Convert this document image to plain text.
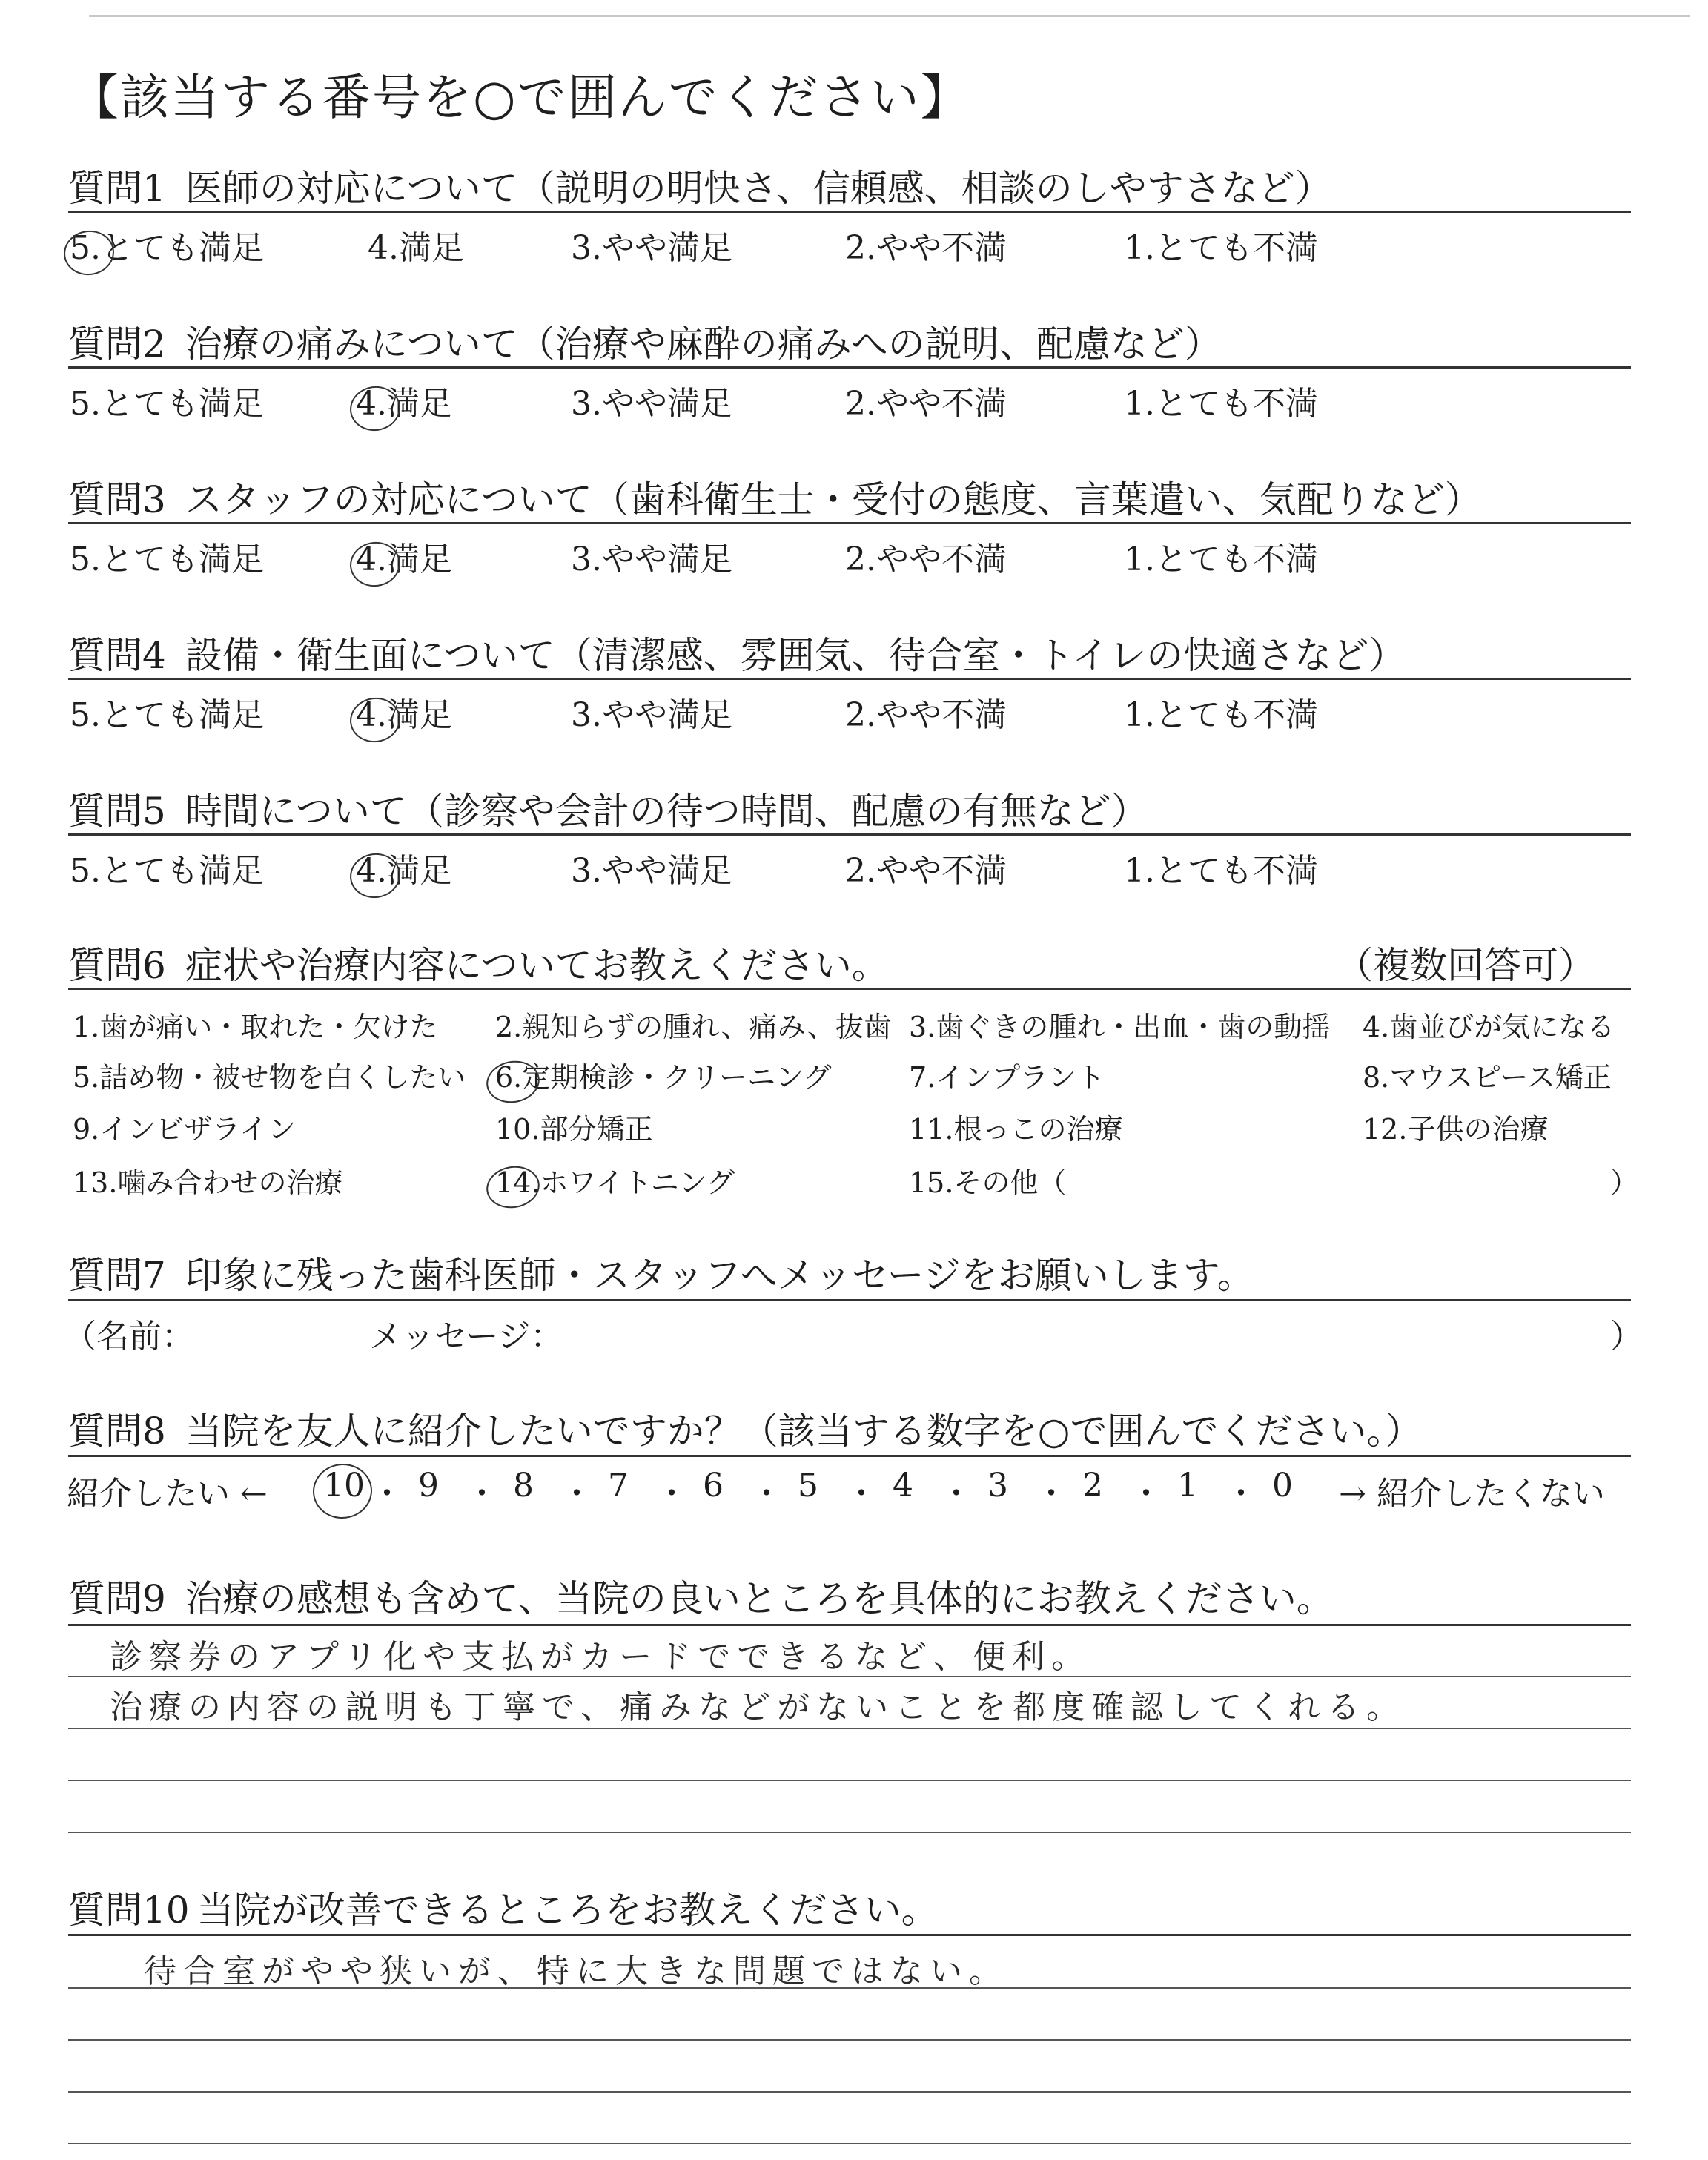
【該当する番号を○で囲んでください】
質問1 医師の対応について（説明の明快さ、信頼感、相談のしやすさなど）
5.とても満足	4.満足	3.やや満足	2.やや不満	1.とても不満
質問2 治療の痛みについて（治療や麻酔の痛みへの説明、配慮など）
5.とても満足	4.満足	3.やや満足	2.やや不満	1.とても不満
質問3 スタッフの対応について（歯科衛生士・受付の態度、言葉遣い、気配りなど）
5.とても満足	4.満足	3.やや満足	2.やや不満	1.とても不満
質問4 設備・衛生面について（清潔感、雰囲気、待合室・トイレの快適さなど）
5.とても満足	4.満足	3.やや満足	2.やや不満	1.とても不満
質問5 時間について（診察や会計の待つ時間、配慮の有無など）
5.とても満足	4.満足	3.やや満足	2.やや不満	1.とても不満
質問6 症状や治療内容についてお教えください。	（複数回答可）
1.歯が痛い・取れた・欠けた 2.親知らずの腫れ、痛み、抜歯 3.歯ぐきの腫れ・出血・歯の動揺 4.歯並びが気になる
5.詰め物・被せ物を白くしたい 6.定期検診・クリーニング	7.インプラント	8.マウスピース矯正
9.インビザライン	10.部分矯正	11.根っこの治療	12.子供の治療
13.噛み合わせの治療	14.ホワイトニング	15.その他（	）
質問7 印象に残った歯科医師・スタッフへメッセージをお願いします。
（名前：	メッセージ：	）
質問8 当院を友人に紹介したいですか？（該当する数字を○で囲んでください。）
紹介したい ← 10 ・ 9 ・ 8 ・ 7 ・ 6 ・ 5 ・ 4 ・ 3 ・ 2 ・ 1 ・ 0 → 紹介したくない
質問9 治療の感想も含めて、当院の良いところを具体的にお教えください。
診察券のアプリ化や支払がカードでできるなど、便利。
治療の内容の説明も丁寧で、痛みなどがないことを都度確認してくれる。
質問10 当院が改善できるところをお教えください。
待合室がやや狭いが、特に大きな問題ではない。
